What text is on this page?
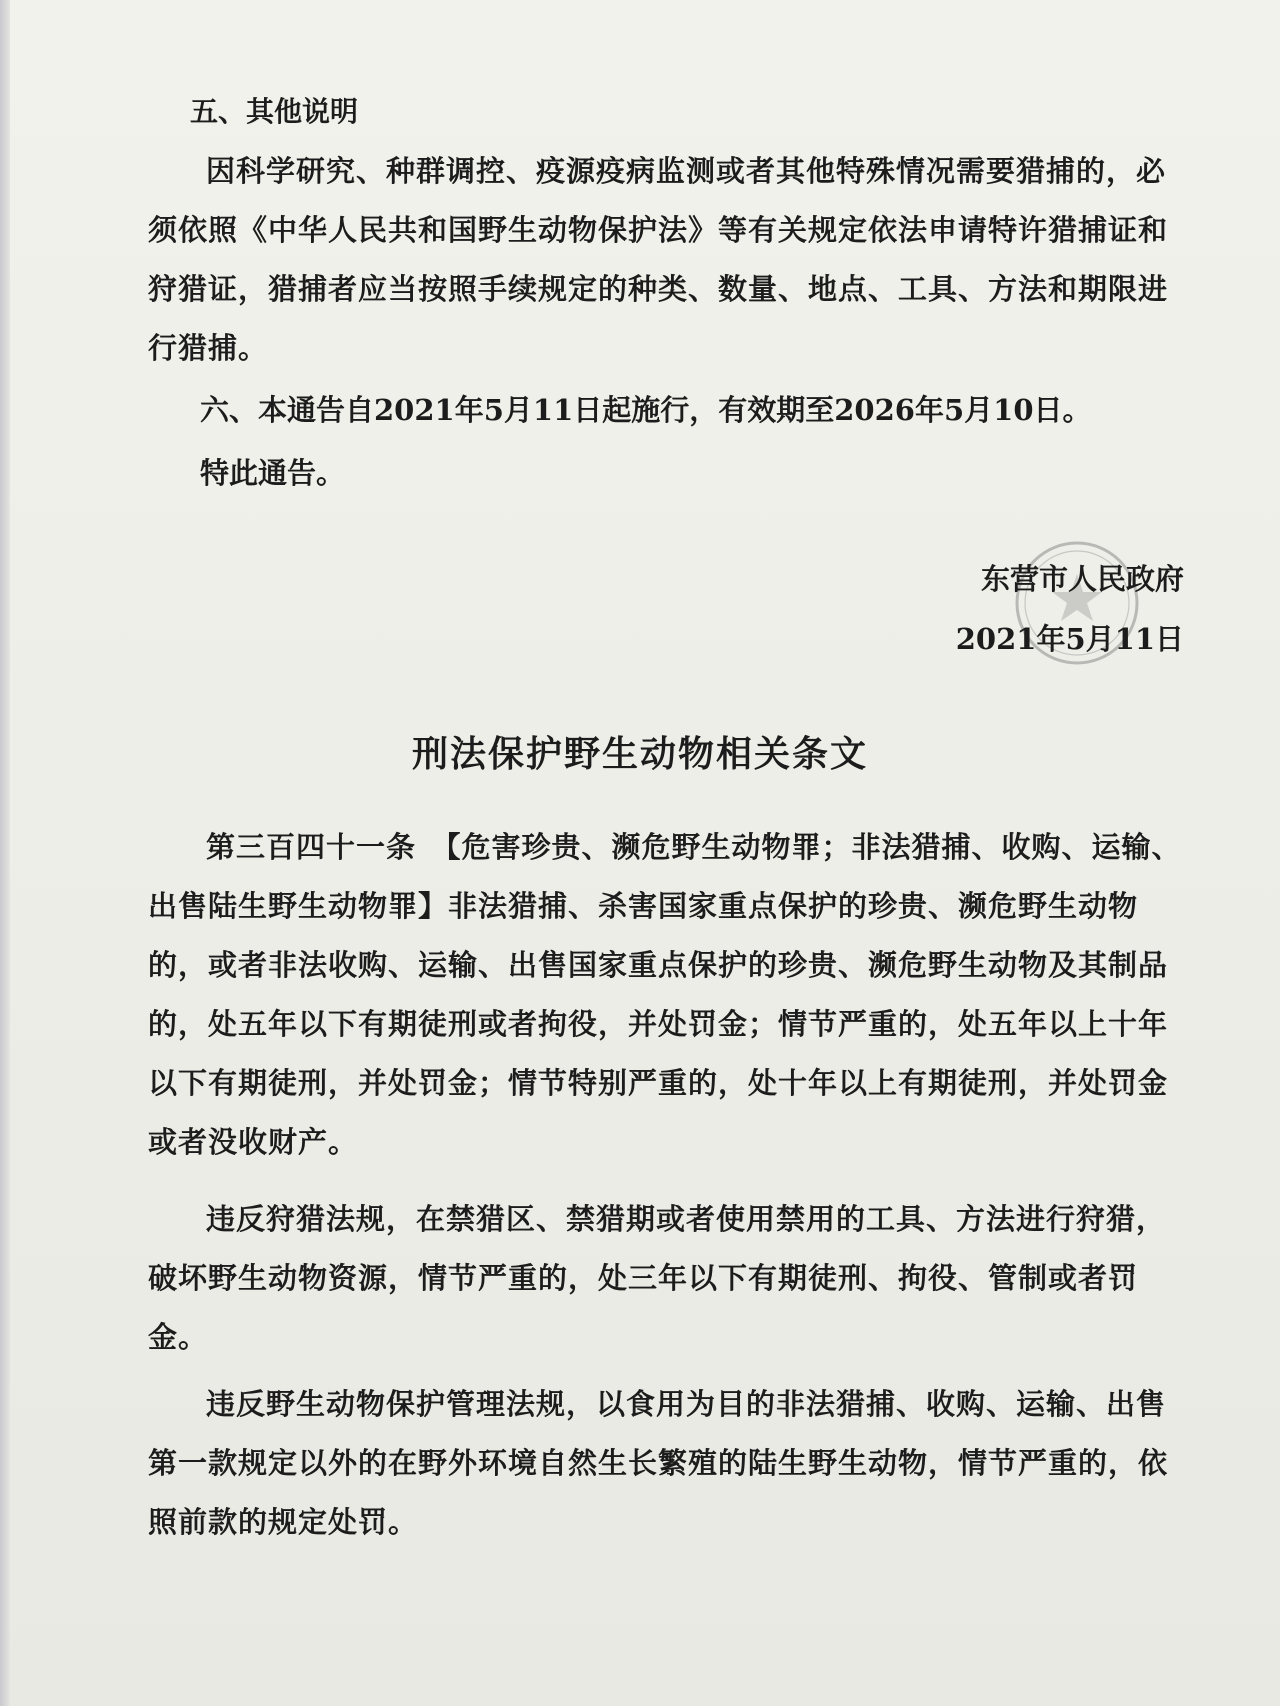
五、其他说明

因科学研究、种群调控、疫源疫病监测或者其他特殊情况需要猎捕的，必须依照《中华人民共和国野生动物保护法》等有关规定依法申请特许猎捕证和狩猎证，猎捕者应当按照手续规定的种类、数量、地点、工具、方法和期限进行猎捕。

六、本通告自2021年5月11日起施行，有效期至2026年5月10日。

特此通告。

东营市人民政府

2021年5月11日

刑法保护野生动物相关条文

第三百四十一条　【危害珍贵、濒危野生动物罪；非法猎捕、收购、运输、出售陆生野生动物罪】非法猎捕、杀害国家重点保护的珍贵、濒危野生动物的，或者非法收购、运输、出售国家重点保护的珍贵、濒危野生动物及其制品的，处五年以下有期徒刑或者拘役，并处罚金；情节严重的，处五年以上十年以下有期徒刑，并处罚金；情节特别严重的，处十年以上有期徒刑，并处罚金或者没收财产。

违反狩猎法规，在禁猎区、禁猎期或者使用禁用的工具、方法进行狩猎，破坏野生动物资源，情节严重的，处三年以下有期徒刑、拘役、管制或者罚金。

违反野生动物保护管理法规，以食用为目的非法猎捕、收购、运输、出售第一款规定以外的在野外环境自然生长繁殖的陆生野生动物，情节严重的，依照前款的规定处罚。
